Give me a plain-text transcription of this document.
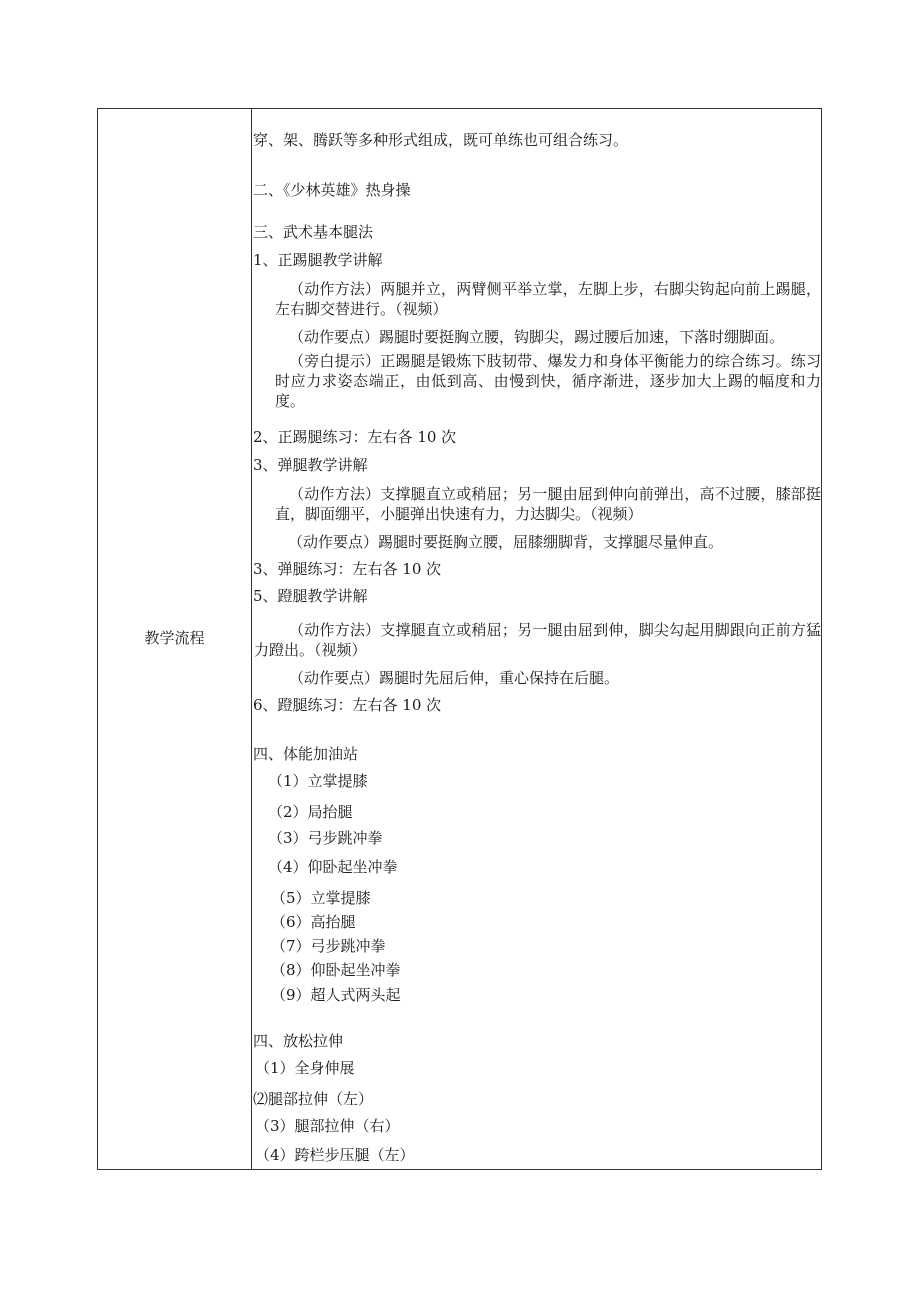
教学流程
穿、架、腾跃等多种形式组成，既可单练也可组合练习。
二、《少林英雄》热身操
三、武术基本腿法
1、正踢腿教学讲解
（动作方法）两腿并立，两臂侧平举立掌，左脚上步，右脚尖钩起向前上踢腿，左右脚交替进行。（视频）
（动作要点）踢腿时要挺胸立腰，钩脚尖，踢过腰后加速，下落时绷脚面。
（旁白提示）正踢腿是锻炼下肢韧带、爆发力和身体平衡能力的综合练习。练习时应力求姿态端正，由低到高、由慢到快，循序渐进，逐步加大上踢的幅度和力度。
2、正踢腿练习：左右各 10 次
3、弹腿教学讲解
（动作方法）支撑腿直立或稍屈；另一腿由屈到伸向前弹出，高不过腰，膝部挺直，脚面绷平，小腿弹出快速有力，力达脚尖。（视频）
（动作要点）踢腿时要挺胸立腰，屈膝绷脚背，支撑腿尽量伸直。
3、弹腿练习：左右各 10 次
5、蹬腿教学讲解
（动作方法）支撑腿直立或稍屈；另一腿由屈到伸，脚尖勾起用脚跟向正前方猛力蹬出。（视频）
（动作要点）踢腿时先屈后伸，重心保持在后腿。
6、蹬腿练习：左右各 10 次
四、体能加油站
（1）立掌提膝
（2）局抬腿
（3）弓步跳冲拳
（4）仰卧起坐冲拳
（5）立掌提膝
（6）高抬腿
（7）弓步跳冲拳
（8）仰卧起坐冲拳
（9）超人式两头起
四、放松拉伸
（1）全身伸展
⑵腿部拉伸（左）
（3）腿部拉伸（右）
（4）跨栏步压腿（左）
